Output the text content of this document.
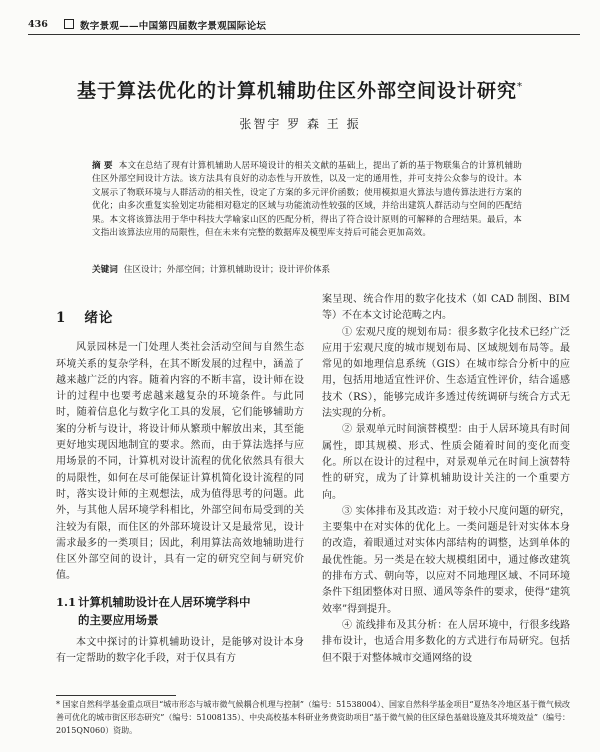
436	数字景观——中国第四届数字景观国际论坛
基于算法优化的计算机辅助住区外部空间设计研究*
张智宇 罗 森 王 振
摘 要 本文在总结了现有计算机辅助人居环境设计的相关文献的基础上，提出了新的基于物联集合的计算机辅助住区外部空间设计方法。该方法具有良好的动态性与开放性，以及一定的通用性，并可支持公众参与的设计。本文展示了物联环境与人群活动的相关性，设定了方案的多元评价函数；使用模拟退火算法与遗传算法进行方案的优化；由多次重复实验划定功能相对稳定的区域与功能流动性较强的区域，并给出建筑人群活动与空间的匹配结果。本文将该算法用于华中科技大学喻家山区的匹配分析，得出了符合设计原则的可解释的合理结果。最后，本文指出该算法应用的局限性，但在未来有完整的数据库及模型库支持后可能会更加高效。
关键词 住区设计；外部空间；计算机辅助设计；设计评价体系
1 绪论

风景园林是一门处理人类社会活动空间与自然生态环境关系的复杂学科，在其不断发展的过程中，涵盖了越来越广泛的内容。随着内容的不断丰富，设计师在设计的过程中也要考虑越来越复杂的环境条件。与此同时，随着信息化与数字化工具的发展，它们能够辅助方案的分析与设计，将设计师从繁琐中解放出来，其至能更好地实现因地制宜的要求。然而，由于算法选择与应用场景的不同，计算机对设计流程的优化依然具有很大的局限性，如何在尽可能保证计算机简化设计流程的同时，落实设计师的主观想法，成为值得思考的问题。此外，与其他人居环境学科相比，外部空间布局受到的关注较为有限，而住区的外部环境设计又是最常见，设计需求最多的一类项目；因此，利用算法高效地辅助进行住区外部空间的设计，具有一定的研究空间与研究价值。

1.1 计算机辅助设计在人居环境学科中
的主要应用场景

本文中探讨的计算机辅助设计，是能够对设计本身有一定帮助的数字化手段，对于仅具有方

案呈现、统合作用的数字化技术（如 CAD 制图、BIM 等）不在本文讨论范畴之内。

① 宏观尺度的规划布局：很多数字化技术已经广泛应用于宏观尺度的城市规划布局、区域规划布局等。最常见的如地理信息系统（GIS）在城市综合分析中的应用，包括用地适宜性评价、生态适宜性评价，结合遥感技术（RS），能够完成许多透过传统调研与统合方式无法实现的分析。

② 景观单元时间演替模型：由于人居环境具有时间属性，即其规模、形式、性质会随着时间的变化而变化。所以在设计的过程中，对景观单元在时间上演替特性的研究，成为了计算机辅助设计关注的一个重要方向。

③ 实体排布及其改造：对于较小尺度问题的研究，主要集中在对实体的优化上。一类问题是针对实体本身的改造，着眼通过对实体内部结构的调整，达到单体的最优性能。另一类是在较大规模组团中，通过修改建筑的排布方式、朝向等，以应对不同地理区域、不同环境条件下组团整体对日照、通风等条件的要求，使得“建筑效率”得到提升。

④ 流线排布及其分析：在人居环境中，行很多线路排布设计，也适合用多数化的方式进行布局研究。包括但不限于对整体城市交通网络的设

* 国家自然科学基金重点项目“城市形态与城市微气候耦合机理与控制”（编号：51538004）、国家自然科学基金项目“夏热冬冷地区基于微气候改善可优化的城市街区形态研究”（编号：51008135）、中央高校基本科研业务费资助项目“基于微气候的住区绿色基础设施及其环境效益”（编号：2015QN060）资助。
